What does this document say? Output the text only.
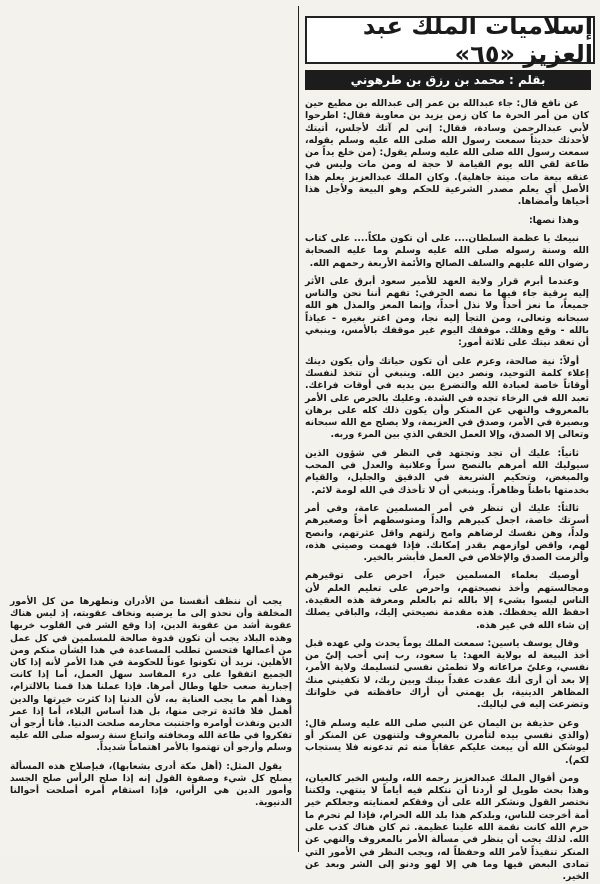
إسلاميات الملك عبد العزيز «٦٥»
بقلم : محمد بن رزق بن طرهوني

عن نافع قال: جاء عبدالله بن عمر إلى عبدالله بن مطيع حين كان من أمر الحرة ما كان زمن يزيد بن معاوية فقال: اطرحوا لأبي عبدالرحمن وسادة، فقال: إني لم آتك لأجلس، أتيتك لأحدثك حديثاً سمعت رسول الله صلى الله عليه وسلم يقوله، سمعت رسول الله صلى الله عليه وسلم يقول: (من خلع يداً من طاعة لقي الله يوم القيامة لا حجة له ومن مات وليس في عنقه بيعة مات ميتة جاهلية). وكان الملك عبدالعزيز يعلم هذا الأصل أي يعلم مصدر الشرعية للحكم وهو البيعة ولأجل هذا أحياها وأمضاها.

وهذا نصها:

نبيعك يا عظمة السلطان.... على أن تكون ملكاً.... على كتاب الله وسنة رسوله صلى الله عليه وسلم وما عليه الصحابة رضوان الله عليهم والسلف الصالح والأئمة الأربعة رحمهم الله.

وعندما أبرم قرار ولاية العهد للأمير سعود أبرق على الأثر إليه برقية جاء فيها ما نصه الحرفي: تفهم أننا نحن والناس جميعاً، ما نعز أحداً ولا نذل أحداً، وإنما المعز والمذل هو الله سبحانه وتعالى، ومن التجأ إليه نجا، ومن اغتر بغيره - عياذاً بالله - وقع وهلك. موقفك اليوم غير موقفك بالأمس، وينبغي أن تعقد نيتك على ثلاثة أمور:

أولاً: نية صالحة، وعزم على أن تكون حياتك وأن يكون دينك إعلاء كلمة التوحيد، ونصر دين الله. وينبغي أن تتخذ لنفسك أوقاتاً خاصة لعبادة الله والتضرع بين يديه في أوقات فراغك. تعبد الله في الرخاء تجده في الشدة. وعليك بالحرص على الأمر بالمعروف والنهي عن المنكر وأن يكون ذلك كله على برهان وبصيرة في الأمر، وصدق في العزيمة، ولا يصلح مع الله سبحانه وتعالى إلا الصدق، وإلا العمل الخفي الذي بين المرء وربه.

ثانياً: عليك أن تجد وتجتهد في النظر في شؤون الذين سيوليك الله أمرهم بالنصح سراً وعلانية والعدل في المحب والمبغض، وتحكيم الشريعة في الدقيق والجليل، والقيام بخدمتها باطناً وظاهراً. وينبغي أن لا تأخذك في الله لومة لائم.

ثالثاً: عليك أن تنظر في أمر المسلمين عامة، وفي أمر أسرتك خاصة، اجعل كبيرهم والداً ومتوسطهم أخاً وصغيرهم ولداً، وهن نفسك لرضاهم وامح زلتهم واقل عثرتهم، وانصح لهم، واقض لوازمهم بقدر إمكانك. فإذا فهمت وصيتي هذه، وألزمت الصدق والإخلاص في العمل فأبشر بالخير.

أوصيك بعلماء المسلمين خيراً، احرص على توقيرهم ومجالستهم وأخذ نصيحتهم، واحرص على تعليم العلم لأن الناس ليسوا بشيء إلا بالله ثم بالعلم ومعرفة هذه العقيدة. احفظ الله يحفظك. هذه مقدمة نصيحتي إليك، والباقي يصلك إن شاء الله في غير هذه.

وقال يوسف ياسين: سمعت الملك يوماً يحدث ولي عهده قبل أخذ البيعة له بولاية العهد: يا سعود، رب إني أحب إليّ من نفسي، وعليّ مراعاته ولا تطمئن نفسي لتسليمك ولاية الأمر، إلا بعد أن أرى أنك عقدت عقداً بينك وبين ربك، لا تكفيني منك المظاهر الدينية، بل يهمني أن أراك حافظته في خلواتك وتضرعت إليه في لياليك.

وعن حذيفة بن اليمان عن النبي صلى الله عليه وسلم قال: (والذي نفسي بيده لتأمرن بالمعروف ولتنهون عن المنكر أو ليوشكن الله أن يبعث عليكم عقاباً منه ثم تدعونه فلا يستجاب لكم).

ومن أقوال الملك عبدالعزيز رحمه الله، وليس الخبر كالعيان، وهذا بحث طويل لو أردنا أن نتكلم فيه أياماً لا ينتهي. ولكننا نختصر القول ونشكر الله على أن وفقكم لعمنايته وجعلكم خير أمة أخرجت للناس، وبلدكم هذا بلد الله الحرام، فإذا لم تحرم ما حرم الله كانت نقمة الله علينا عظيمة. ثم كان هناك كذب على الله. لذلك يجب أن ينظر في مسألة الأمر بالمعروف والنهي عن المنكر تنفيذاً لأمر الله وحفظاً له، ويجب النظر في الأمور التي تمادى البعض فيها وما هي إلا لهو ودنو إلى الشر وبعد عن الخير.

يجب أن ننظف أنفسنا من الأدران ونطهرها من كل الأمور المخلفة وأن نحذو إلى ما يرضيه ونخاف عقوبته، إذ ليس هناك عقوبة أشد من عقوبة الدين، إذا وقع الشر في القلوب خربها وهذه البلاد يجب أن تكون قدوة صالحة للمسلمين في كل عمل من أعمالها فتحسن تطلب المساعدة في هذا الشأن منكم ومن الأهلين. نريد أن تكونوا عوناً للحكومة في هذا الأمر لأنه إذا كان الجميع اتفقوا على درء المفاسد سهل العمل، أما إذا كانت إجبارية صعب حلها وطال أمرها. فإذا عملنا هذا قمنا بالالتزام، وهذا أهم ما يجب العناية به، لأن الدنيا إذا كثرت خيرتها والدين أهمل فلا فائدة ترجى منها، بل هذا أساس البلاء، أما إذا عمر الدين ونفذت أوامره واجتنبت محارمه صلحت الدنيا. فأنا أرجو أن تفكروا في طاعة الله ومخافته واتباع سنة رسوله صلى الله عليه وسلم وأرجو أن تهتموا بالأمر اهتماماً شديداً.

يقول المثل: (أهل مكة أدرى بشعابها)، فبإصلاح هذه المسألة يصلح كل شيء وصفوة القول إنه إذا صلح الرأس صلح الجسد وأمور الدين هي الرأس، فإذا استقام أمره أصلحت أحوالنا الدنيوية.
